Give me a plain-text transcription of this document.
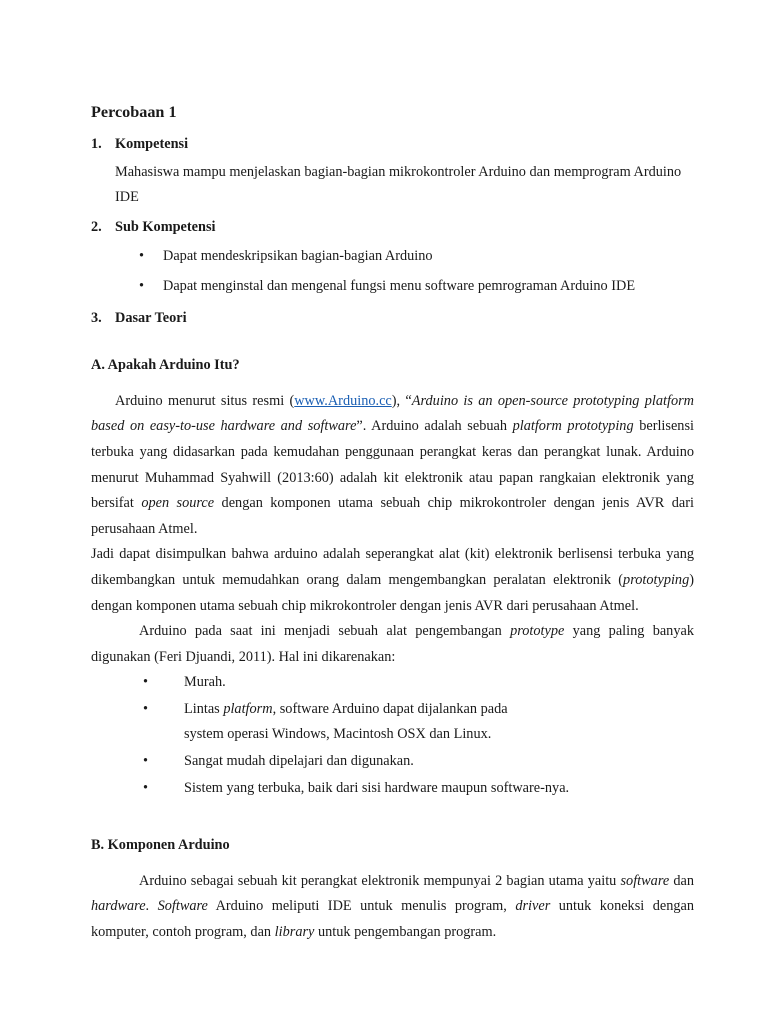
Percobaan 1
1. Kompetensi
Mahasiswa mampu menjelaskan bagian-bagian mikrokontroler Arduino dan memprogram Arduino IDE
2. Sub Kompetensi
•	Dapat mendeskripsikan bagian-bagian Arduino
•	Dapat menginstal dan mengenal fungsi menu software pemrograman Arduino IDE
3. Dasar Teori
A. Apakah Arduino Itu?

Arduino menurut situs resmi (www.Arduino.cc), “Arduino is an open-source prototyping platform based on easy-to-use hardware and software”. Arduino adalah sebuah platform prototyping berlisensi terbuka yang didasarkan pada kemudahan penggunaan perangkat keras dan perangkat lunak. Arduino menurut Muhammad Syahwill (2013:60) adalah kit elektronik atau papan rangkaian elektronik yang bersifat open source dengan komponen utama sebuah chip mikrokontroler dengan jenis AVR dari perusahaan Atmel.

Jadi dapat disimpulkan bahwa arduino adalah seperangkat alat (kit) elektronik berlisensi terbuka yang dikembangkan untuk memudahkan orang dalam mengembangkan peralatan elektronik (prototyping) dengan komponen utama sebuah chip mikrokontroler dengan jenis AVR dari perusahaan Atmel.

Arduino pada saat ini menjadi sebuah alat pengembangan prototype yang paling banyak digunakan (Feri Djuandi, 2011). Hal ini dikarenakan:

•	Murah.
•	Lintas platform, software Arduino dapat dijalankan pada system operasi Windows, Macintosh OSX dan Linux.
•	Sangat mudah dipelajari dan digunakan.
•	Sistem yang terbuka, baik dari sisi hardware maupun software-nya.
B. Komponen Arduino

Arduino sebagai sebuah kit perangkat elektronik mempunyai 2 bagian utama yaitu software dan hardware. Software Arduino meliputi IDE untuk menulis program, driver untuk koneksi dengan komputer, contoh program, dan library untuk pengembangan program.
